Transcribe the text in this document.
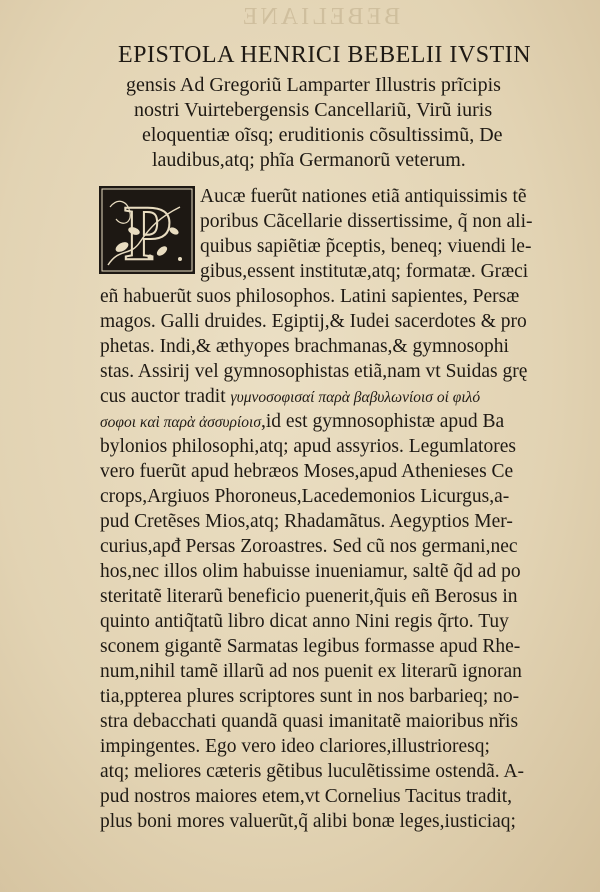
BEBELIANE
EPISTOLA HENRICI BEBELII IVSTIN
gensis Ad Gregoriũ Lamparter Illustris prĩcipis
nostri Vuirtebergensis Cancellariũ, Virũ iuris
eloquentiæ oĩsq; eruditionis cõsultissimũ, De
laudibus,atq; phĩa Germanorũ veterum.
P Aucæ fuerũt nationes etiã antiquissimis tẽ
poribus Cãcellarie dissertissime, q̃ non ali-
quibus sapiẽtiæ p̃ceptis, beneq; viuendi le-
gibus,essent institutæ,atq; formatæ. Græci
eñ habuerũt suos philosophos. Latini sapientes, Persæ
magos. Galli druides. Egiptij,& Iudei sacerdotes & pro
phetas. Indi,& æthyopes brachmanas,& gymnosophi
stas. Assirij vel gymnosophistas etiã,nam vt Suidas grę
cus auctor tradit γυμνοσοφισαί παρὰ βαβυλωνίοισ οἱ φιλό
σοφοι καὶ παρὰ ἀσσυρίοισ,id est gymnosophistæ apud Ba
bylonios philosophi,atq; apud assyrios. Legumlatores
vero fuerũt apud hebræos Moses,apud Athenieses Ce
crops,Argiuos Phoroneus,Lacedemonios Licurgus,a-
pud Cretẽses Mios,atq; Rhadamãtus. Aegyptios Mer-
curius,apđ Persas Zoroastres. Sed cũ nos germani,nec
hos,nec illos olim habuisse inueniamur, saltẽ q̃d ad po
steritatẽ literarũ beneficio puenerit,q̃uis eñ Berosus in
quinto antiq̃tatũ libro dicat anno Nini regis q̃rto. Tuy
sconem gigantẽ Sarmatas legibus formasse apud Rhe-
num,nihil tamẽ illarũ ad nos puenit ex literarũ ignoran
tia,ppterea plures scriptores sunt in nos barbarieq; no-
stra debacchati quandã quasi imanitatẽ maioribus nřis
impingentes. Ego vero ideo clariores,illustrioresq;
atq; meliores cæteris gẽtibus luculẽtissime ostendã. A-
pud nostros maiores etem,vt Cornelius Tacitus tradit,
plus boni mores valuerũt,q̃ alibi bonæ leges,iusticiaq;
